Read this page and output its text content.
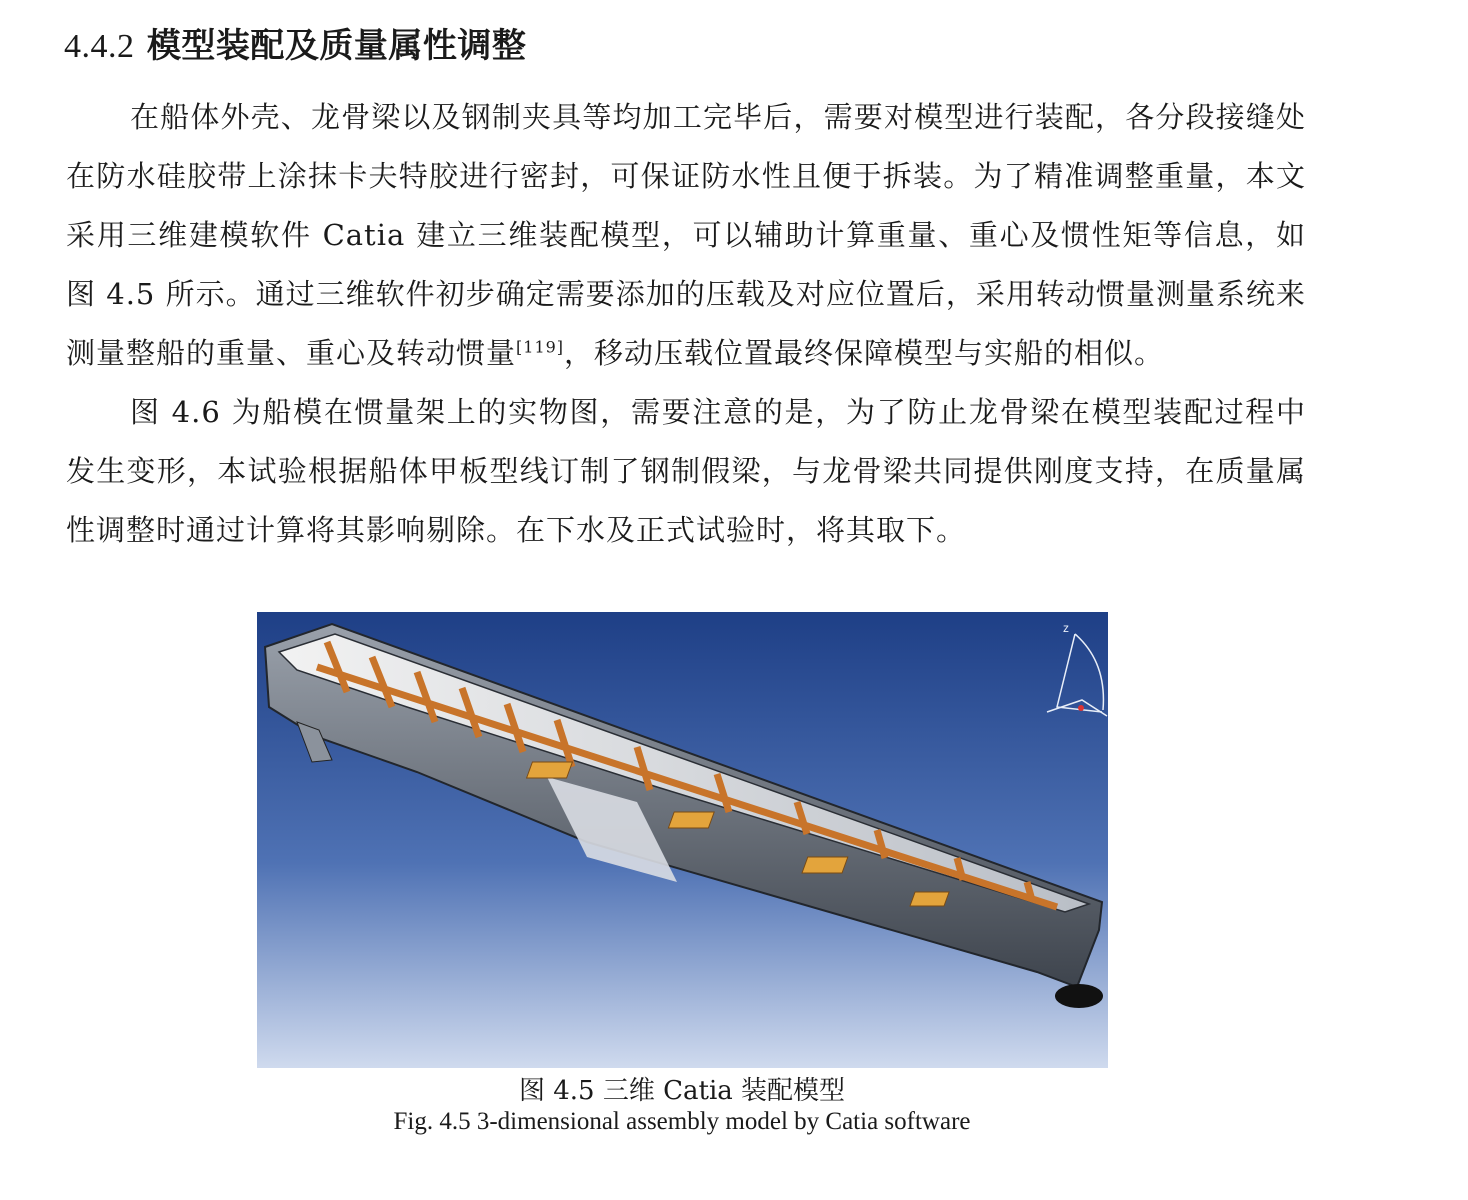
4.4.2 模型装配及质量属性调整

在船体外壳、龙骨梁以及钢制夹具等均加工完毕后，需要对模型进行装配，各分段接缝处在防水硅胶带上涂抹卡夫特胶进行密封，可保证防水性且便于拆装。为了精准调整重量，本文采用三维建模软件 Catia 建立三维装配模型，可以辅助计算重量、重心及惯性矩等信息，如图 4.5 所示。通过三维软件初步确定需要添加的压载及对应位置后，采用转动惯量测量系统来测量整船的重量、重心及转动惯量[119]，移动压载位置最终保障模型与实船的相似。

图 4.6 为船模在惯量架上的实物图，需要注意的是，为了防止龙骨梁在模型装配过程中发生变形，本试验根据船体甲板型线订制了钢制假梁，与龙骨梁共同提供刚度支持，在质量属性调整时通过计算将其影响剔除。在下水及正式试验时，将其取下。

z
图 4.5 三维 Catia 装配模型
Fig. 4.5 3-dimensional assembly model by Catia software
